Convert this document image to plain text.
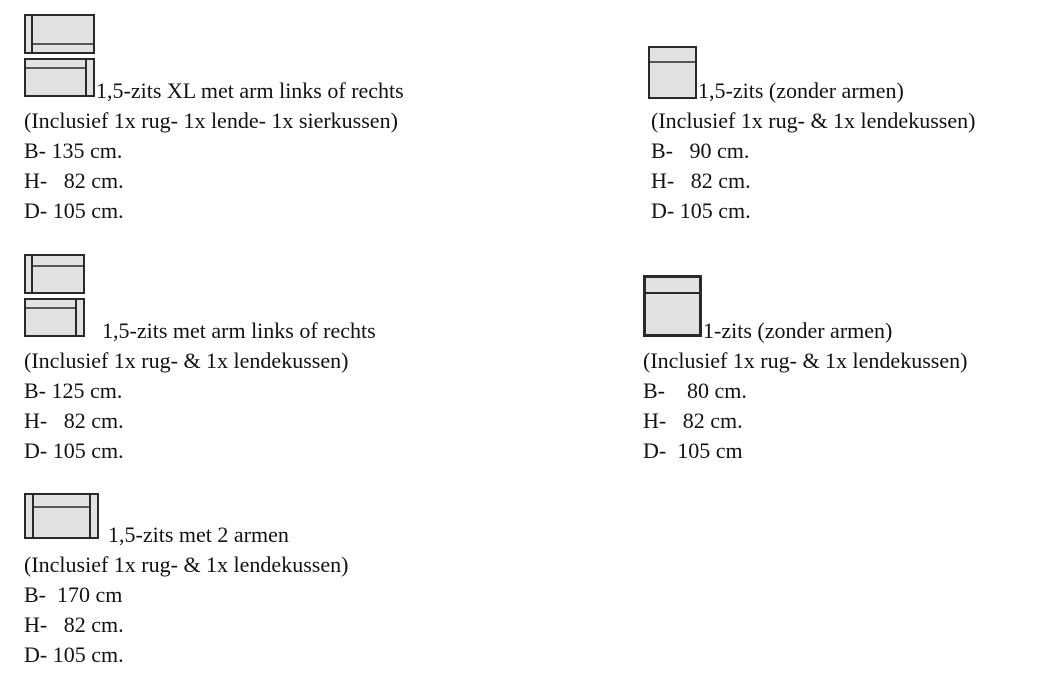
1,5-zits XL met arm links of rechts
(Inclusief 1x rug- 1x lende- 1x sierkussen)
B- 135 cm.
H-   82 cm.
D- 105 cm.
1,5-zits (zonder armen)
(Inclusief 1x rug- & 1x lendekussen)
B-   90 cm.
H-   82 cm.
D- 105 cm.
1,5-zits met arm links of rechts
(Inclusief 1x rug- & 1x lendekussen)
B- 125 cm.
H-   82 cm.
D- 105 cm.
1-zits (zonder armen)
(Inclusief 1x rug- & 1x lendekussen)
B-    80 cm.
H-   82 cm.
D-  105 cm
1,5-zits met 2 armen
(Inclusief 1x rug- & 1x lendekussen)
B-  170 cm
H-   82 cm.
D- 105 cm.
